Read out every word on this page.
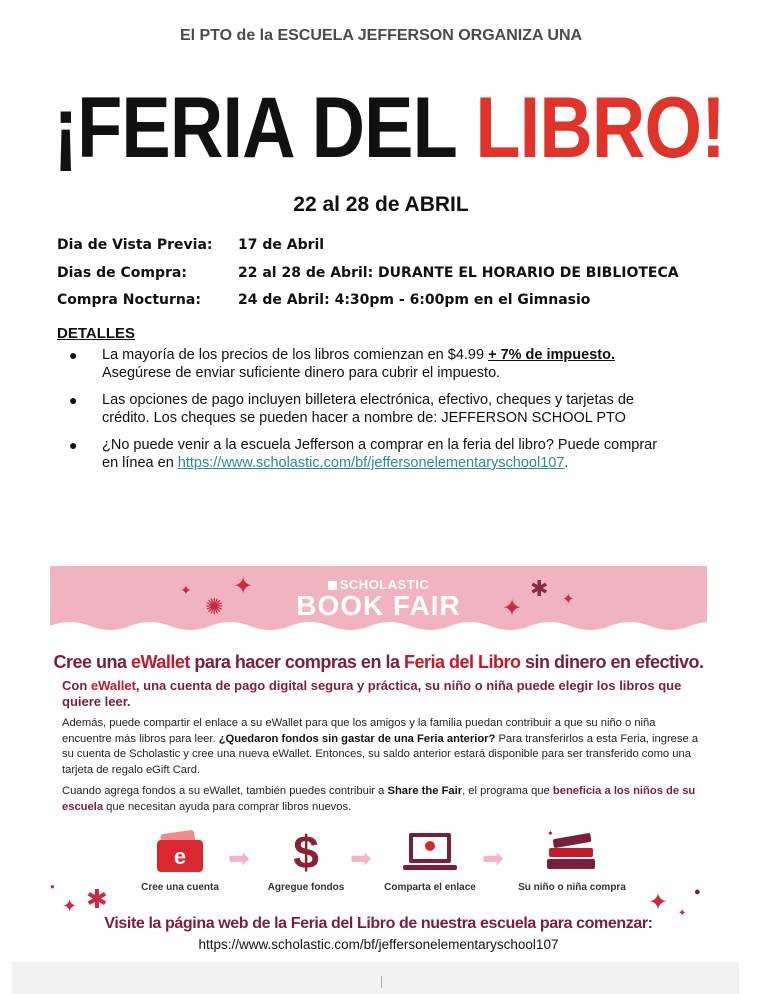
El PTO de la ESCUELA JEFFERSON ORGANIZA UNA
¡FERIA DEL LIBRO!
22 al 28 de ABRIL
Dia de Vista Previa: 17 de Abril
Dias de Compra:	22 al 28 de Abril: DURANTE EL HORARIO DE BIBLIOTECA
Compra Nocturna:	24 de Abril: 4:30pm - 6:00pm en el Gimnasio
DETALLES
● La mayoría de los precios de los libros comienzan en $4.99 + 7% de impuesto. Asegúrese de enviar suficiente dinero para cubrir el impuesto.
● Las opciones de pago incluyen billetera electrónica, efectivo, cheques y tarjetas de crédito. Los cheques se pueden hacer a nombre de: JEFFERSON SCHOOL PTO
● ¿No puede venir a la escuela Jefferson a comprar en la feria del libro? Puede comprar en línea en https://www.scholastic.com/bf/jeffersonelementaryschool107.
SCHOLASTIC
BOOK FAIR
✦ ✦
✺	✦
✱ ✦
Cree una eWallet para hacer compras en la Feria del Libro sin dinero en efectivo.
Con eWallet, una cuenta de pago digital segura y práctica, su niño o niña puede elegir los libros que quiere leer.
Además, puede compartir el enlace a su eWallet para que los amigos y la familia puedan contribuir a que su niño o niña encuentre más libros para leer. ¿Quedaron fondos sin gastar de una Feria anterior? Para transferirlos a esta Feria, ingrese a su cuenta de Scholastic y cree una nueva eWallet. Entonces, su saldo anterior estará disponible para ser transferido como una tarjeta de regalo eGift Card.
Cuando agrega fondos a su eWallet, también puedes contribuir a Share the Fair, el programa que beneficia a los niños de su escuela que necesitan ayuda para comprar libros nuevos.
e
Cree una cuenta
➡ $
Agregue fondos
➡
Comparta el enlace
➡
✦
Su niño o niña compra
●
✦ ✱	✦ ✦
●
Visite la página web de la Feria del Libro de nuestra escuela para comenzar:
https://www.scholastic.com/bf/jeffersonelementaryschool107
